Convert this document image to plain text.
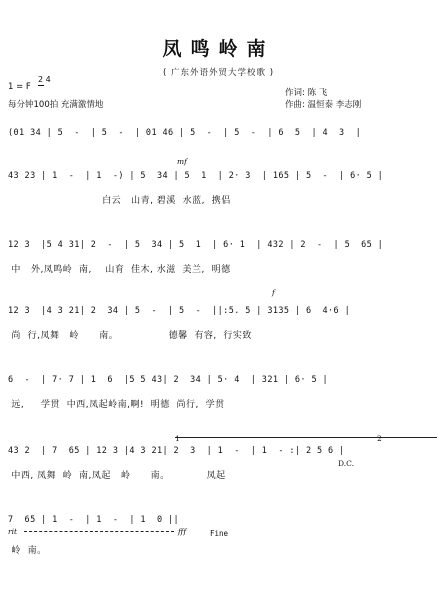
凤鸣岭南
( 广东外语外贸大学校歌 )
1 = F
2 4
每分钟100拍 充满激情地
作词: 陈 飞
作曲: 温恒泰 李志刚
(01 34 | 5  -  | 5  -  | 01 46 | 5  -  | 5  -  | 6  5  | 4  3  |
mf
43 23 | 1  -  | 1  -) | 5  34 | 5  1  | 2· 3  | 165 | 5  -  | 6· 5 |
白云   山青, 碧溪  水蓝,  携侣
12 3  |5 4 31| 2  -  | 5  34 | 5  1  | 6· 1  | 432 | 2  -  | 5  65 |
中   外,凤鸣岭  南,    山育  佳木, 水滋  美兰,  明德
f
12 3  |4 3 21| 2  34 | 5  -  | 5  -  ||:5. 5 | 3135 | 6  4·6 |
尚  行,凤舞   岭      南。               德馨  有容,  行实致
6  -  | 7· 7 | 1  6  |5 5 43| 2  34 | 5· 4  | 321 | 6· 5 |
远,     学贯  中西,凤起岭南,啊!  明德  尚行,  学贯
1	2
43 2  | 7  65 | 12 3 |4 3 21| 2  3  | 1  -  | 1  - :| 2 5 6 |
D.C.
中西, 凤舞  岭  南,凤起   岭      南。           凤起
7  65 | 1  -  | 1  -  | 1  0 ||
rit	fff	Fine
岭  南。
